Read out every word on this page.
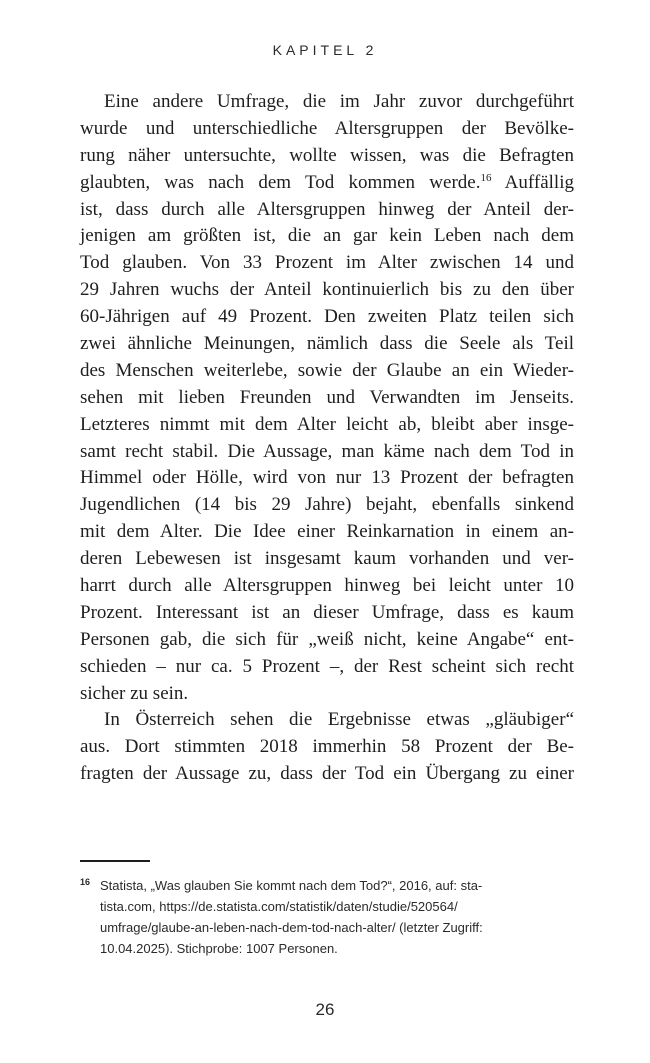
KAPITEL 2
Eine andere Umfrage, die im Jahr zuvor durchgeführt
wurde und unterschiedliche Altersgruppen der Bevölke-
rung näher untersuchte, wollte wissen, was die Befragten
glaubten, was nach dem Tod kommen werde.$^{16}$ Auffällig
ist, dass durch alle Altersgruppen hinweg der Anteil der-
jenigen am größten ist, die an gar kein Leben nach dem
Tod glauben. Von 33 Prozent im Alter zwischen 14 und
29 Jahren wuchs der Anteil kontinuierlich bis zu den über
60-Jährigen auf 49 Prozent. Den zweiten Platz teilen sich
zwei ähnliche Meinungen, nämlich dass die Seele als Teil
des Menschen weiterlebe, sowie der Glaube an ein Wieder-
sehen mit lieben Freunden und Verwandten im Jenseits.
Letzteres nimmt mit dem Alter leicht ab, bleibt aber insge-
samt recht stabil. Die Aussage, man käme nach dem Tod in
Himmel oder Hölle, wird von nur 13 Prozent der befragten
Jugendlichen (14 bis 29 Jahre) bejaht, ebenfalls sinkend
mit dem Alter. Die Idee einer Reinkarnation in einem an-
deren Lebewesen ist insgesamt kaum vorhanden und ver-
harrt durch alle Altersgruppen hinweg bei leicht unter 10
Prozent. Interessant ist an dieser Umfrage, dass es kaum
Personen gab, die sich für „weiß nicht, keine Angabe“ ent-
schieden – nur ca. 5 Prozent –, der Rest scheint sich recht
sicher zu sein.
In Österreich sehen die Ergebnisse etwas „gläubiger“
aus. Dort stimmten 2018 immerhin 58 Prozent der Be-
fragten der Aussage zu, dass der Tod ein Übergang zu einer
16 Statista, „Was glauben Sie kommt nach dem Tod?“, 2016, auf: sta-
tista.com, https://de.statista.com/statistik/daten/studie/520564/
umfrage/glaube-an-leben-nach-dem-tod-nach-alter/ (letzter Zugriff:
10.04.2025). Stichprobe: 1007 Personen.
26
